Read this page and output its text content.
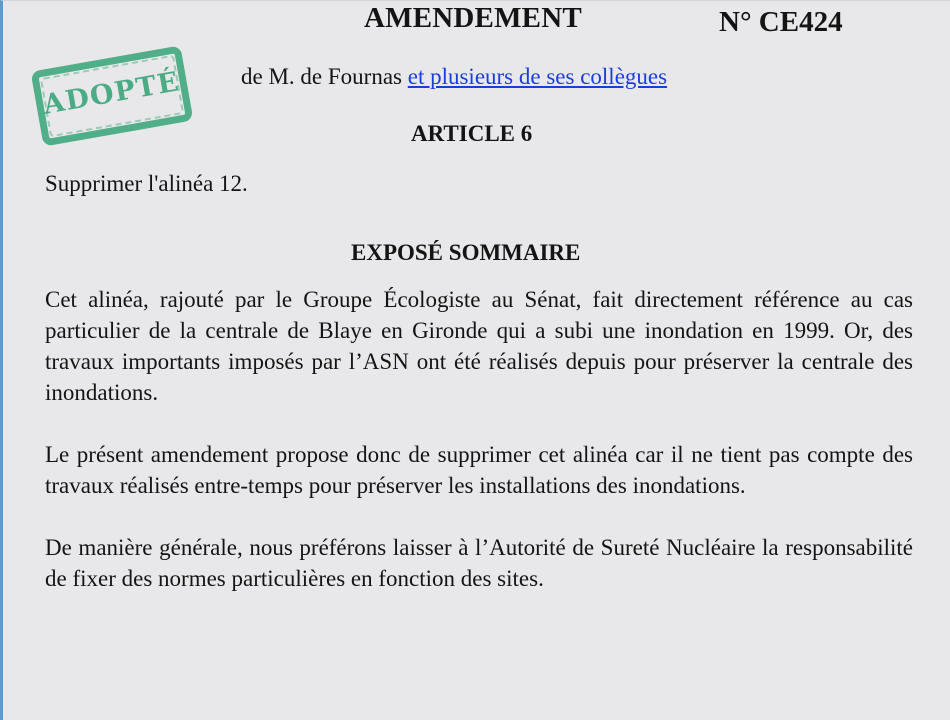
AMENDEMENT	N° CE424
ADOPTÉ	de M. de Fournas et plusieurs de ses collègues
ARTICLE 6
Supprimer l'alinéa 12.
EXPOSÉ SOMMAIRE

Cet alinéa, rajouté par le Groupe Écologiste au Sénat, fait directement référence au cas particulier de la centrale de Blaye en Gironde qui a subi une inondation en 1999. Or, des travaux importants imposés par l’ASN ont été réalisés depuis pour préserver la centrale des inondations.

Le présent amendement propose donc de supprimer cet alinéa car il ne tient pas compte des travaux réalisés entre-temps pour préserver les installations des inondations.

De manière générale, nous préférons laisser à l’Autorité de Sureté Nucléaire la responsabilité de fixer des normes particulières en fonction des sites.
